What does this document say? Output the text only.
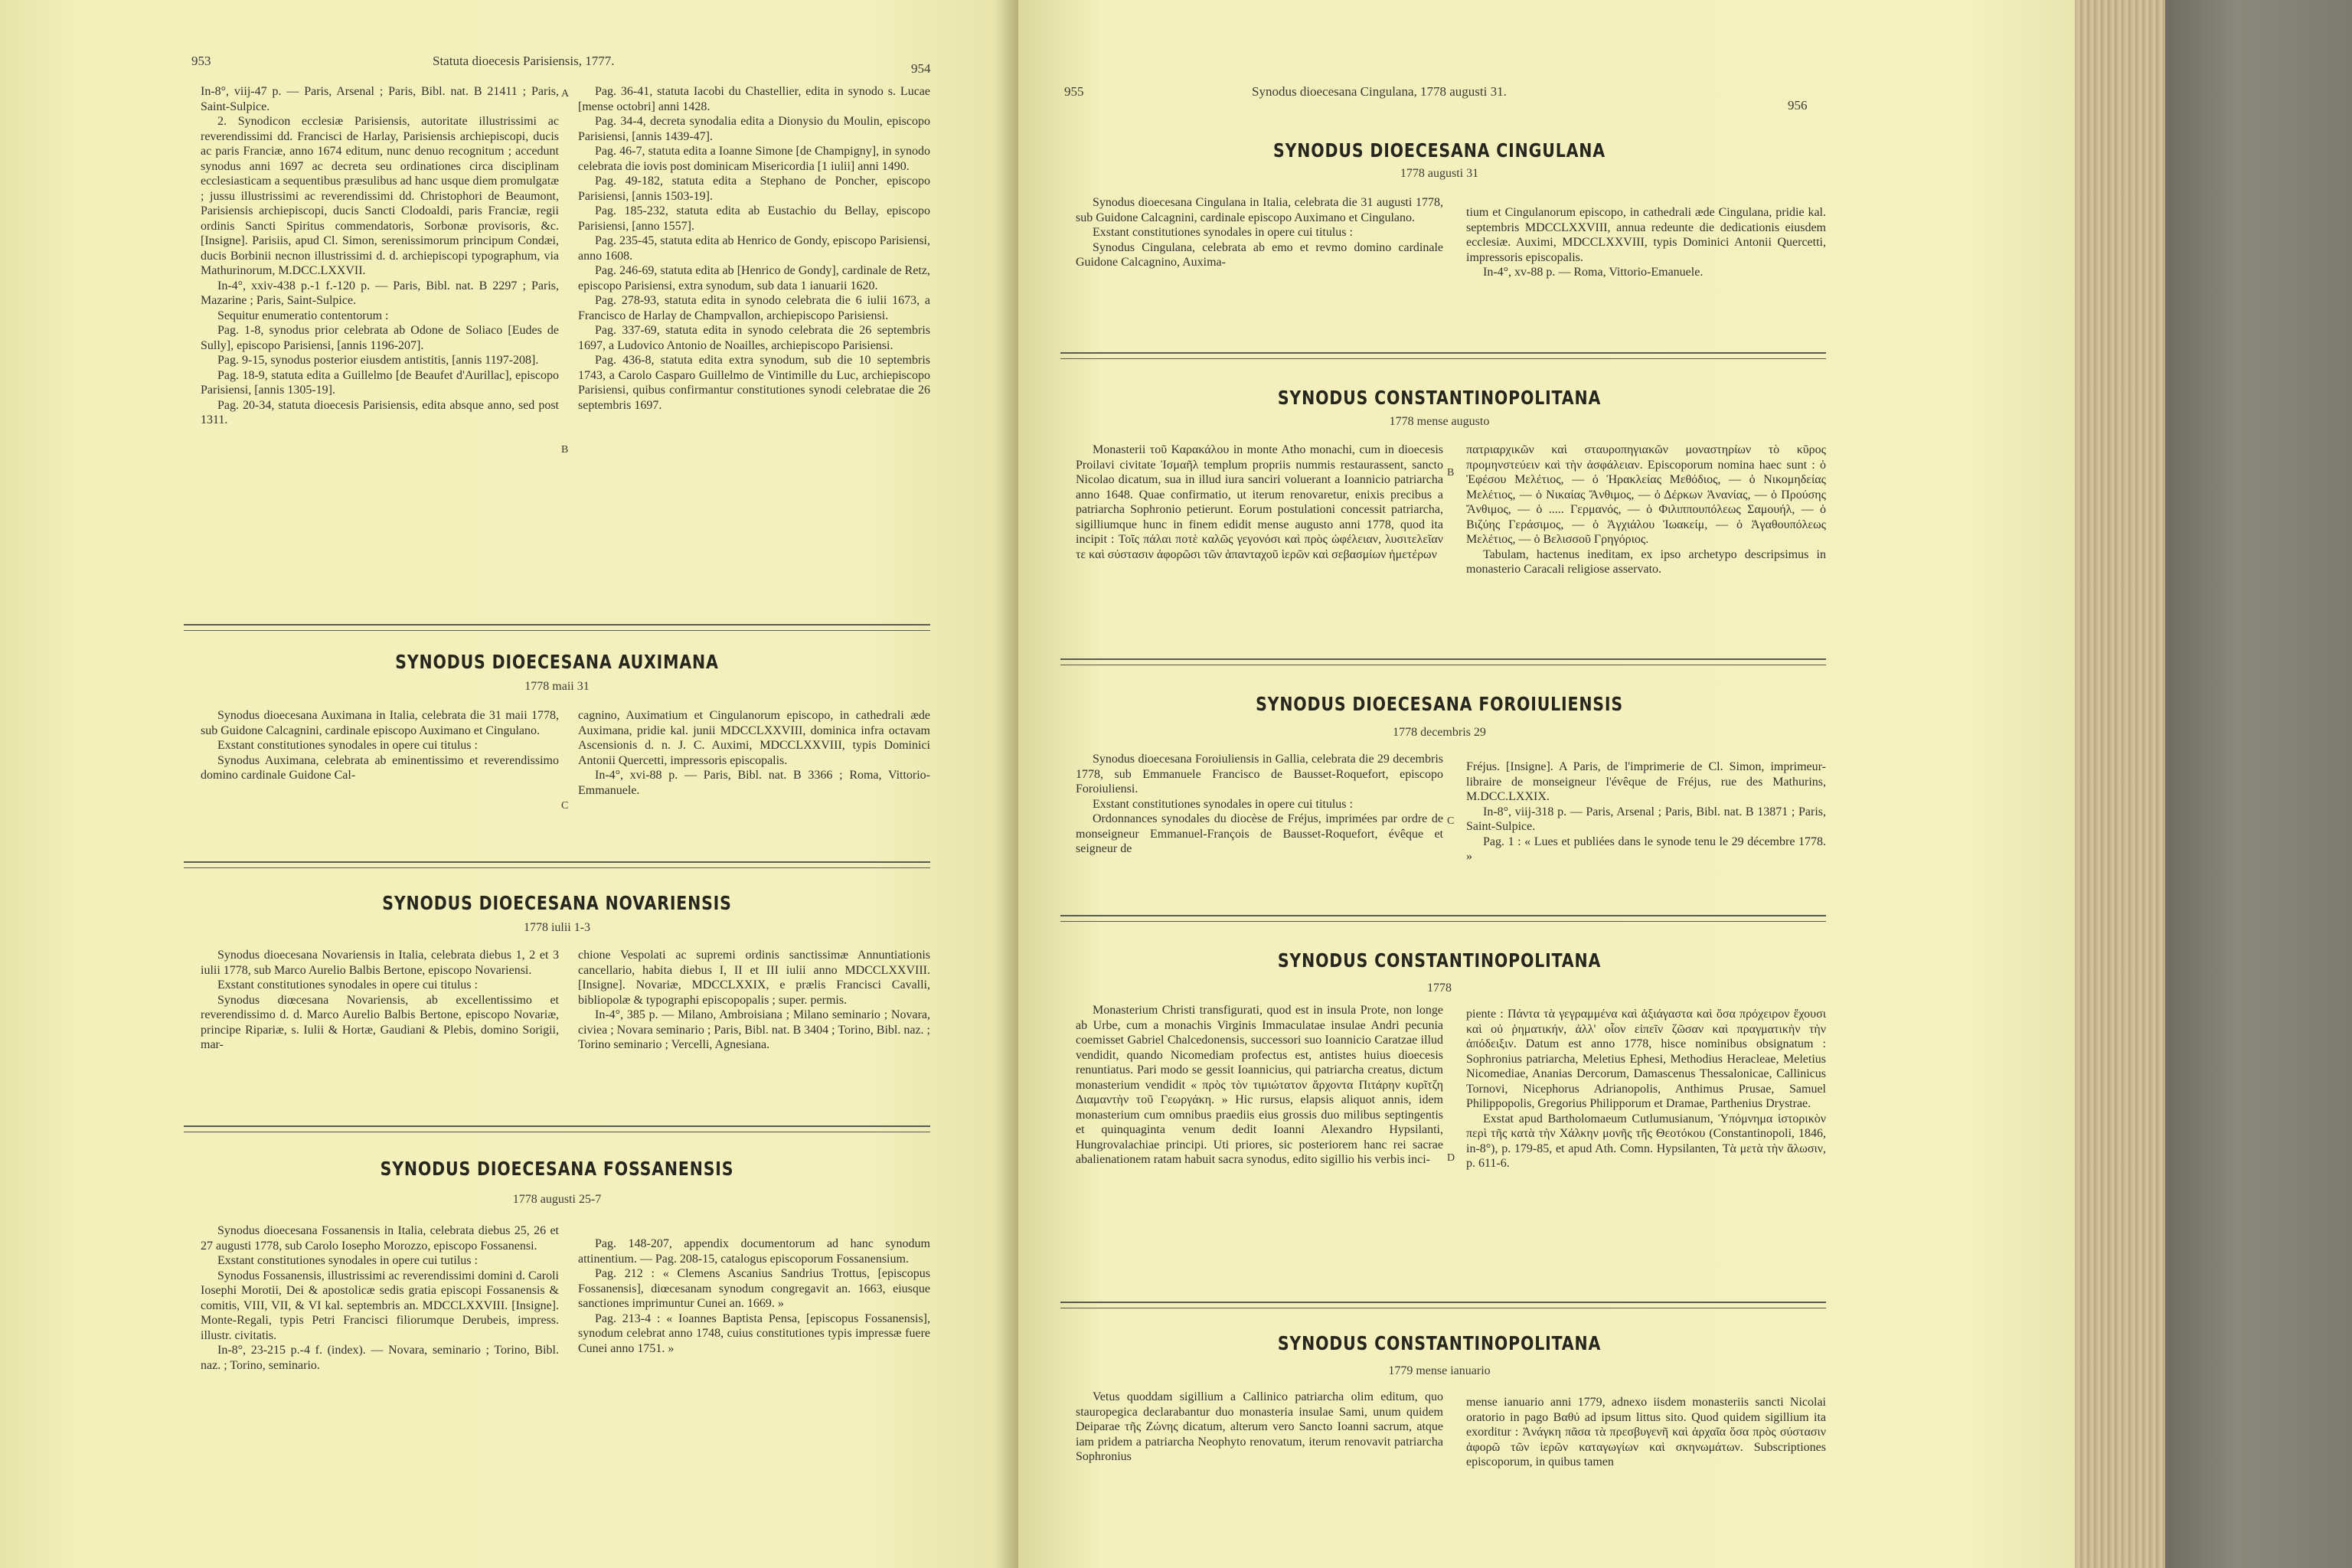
953	Statuta dioecesis Parisiensis, 1777.
954

In-8°, viij-47 p. — Paris, Arsenal ; Paris, Bibl. nat. B 21411 ; Paris, Saint-Sulpice.

2. Synodicon ecclesiæ Parisiensis, autoritate illustrissimi ac reverendissimi dd. Francisci de Harlay, Parisiensis archiepiscopi, ducis ac paris Franciæ, anno 1674 editum, nunc denuo recognitum ; accedunt synodus anni 1697 ac decreta seu ordinationes circa disciplinam ecclesiasticam a sequentibus præsulibus ad hanc usque diem promulgatæ ; jussu illustrissimi ac reverendissimi dd. Christophori de Beaumont, Parisiensis archiepiscopi, ducis Sancti Clodoaldi, paris Franciæ, regii ordinis Sancti Spiritus commendatoris, Sorbonæ provisoris, &c. [Insigne]. Parisiis, apud Cl. Simon, serenissimorum principum Condæi, ducis Borbinii necnon illustrissimi d. d. archiepiscopi typographum, via Mathurinorum, M.DCC.LXXVII.

In-4°, xxiv-438 p.-1 f.-120 p. — Paris, Bibl. nat. B 2297 ; Paris, Mazarine ; Paris, Saint-Sulpice.

Sequitur enumeratio contentorum :

Pag. 1-8, synodus prior celebrata ab Odone de Soliaco [Eudes de Sully], episcopo Parisiensi, [annis 1196-207].

Pag. 9-15, synodus posterior eiusdem antistitis, [annis 1197-208].

Pag. 18-9, statuta edita a Guillelmo [de Beaufet d'Aurillac], episcopo Parisiensi, [annis 1305-19].

Pag. 20-34, statuta dioecesis Parisiensis, edita absque anno, sed post 1311.

A
B

Pag. 36-41, statuta Iacobi du Chastellier, edita in synodo s. Lucae [mense octobri] anni 1428.

Pag. 34-4, decreta synodalia edita a Dionysio du Moulin, episcopo Parisiensi, [annis 1439-47].

Pag. 46-7, statuta edita a Ioanne Simone [de Champigny], in synodo celebrata die iovis post dominicam Misericordia [1 iulii] anni 1490.

Pag. 49-182, statuta edita a Stephano de Poncher, episcopo Parisiensi, [annis 1503-19].

Pag. 185-232, statuta edita ab Eustachio du Bellay, episcopo Parisiensi, [anno 1557].

Pag. 235-45, statuta edita ab Henrico de Gondy, episcopo Parisiensi, anno 1608.

Pag. 246-69, statuta edita ab [Henrico de Gondy], cardinale de Retz, episcopo Parisiensi, extra synodum, sub data 1 ianuarii 1620.

Pag. 278-93, statuta edita in synodo celebrata die 6 iulii 1673, a Francisco de Harlay de Champvallon, archiepiscopo Parisiensi.

Pag. 337-69, statuta edita in synodo celebrata die 26 septembris 1697, a Ludovico Antonio de Noailles, archiepiscopo Parisiensi.

Pag. 436-8, statuta edita extra synodum, sub die 10 septembris 1743, a Carolo Casparo Guillelmo de Vintimille du Luc, archiepiscopo Parisiensi, quibus confirmantur constitutiones synodi celebratae die 26 septembris 1697.

SYNODUS DIOECESANA AUXIMANA
1778 maii 31

Synodus dioecesana Auximana in Italia, celebrata die 31 maii 1778, sub Guidone Calcagnini, cardinale episcopo Auximano et Cingulano.

Exstant constitutiones synodales in opere cui titulus :

Synodus Auximana, celebrata ab eminentissimo et reverendissimo domino cardinale Guidone Cal-

C

cagnino, Auximatium et Cingulanorum episcopo, in cathedrali æde Auximana, pridie kal. junii MDCCLXXVIII, dominica infra octavam Ascensionis d. n. J. C. Auximi, MDCCLXXVIII, typis Dominici Antonii Quercetti, impressoris episcopalis.

In-4°, xvi-88 p. — Paris, Bibl. nat. B 3366 ; Roma, Vittorio-Emmanuele.

SYNODUS DIOECESANA NOVARIENSIS
1778 iulii 1-3

Synodus dioecesana Novariensis in Italia, celebrata diebus 1, 2 et 3 iulii 1778, sub Marco Aurelio Balbis Bertone, episcopo Novariensi.

Exstant constitutiones synodales in opere cui titulus :

Synodus diœcesana Novariensis, ab excellentissimo et reverendissimo d. d. Marco Aurelio Balbis Bertone, episcopo Novariæ, principe Ripariæ, s. Iulii & Hortæ, Gaudiani & Plebis, domino Sorigii, mar-

chione Vespolati ac supremi ordinis sanctissimæ Annuntiationis cancellario, habita diebus I, II et III iulii anno MDCCLXXVIII. [Insigne]. Novariæ, MDCCLXXIX, e prælis Francisci Cavalli, bibliopolæ & typographi episcopopalis ; super. permis.

In-4°, 385 p. — Milano, Ambroisiana ; Milano seminario ; Novara, civiea ; Novara seminario ; Paris, Bibl. nat. B 3404 ; Torino, Bibl. naz. ; Torino seminario ; Vercelli, Agnesiana.

SYNODUS DIOECESANA FOSSANENSIS
1778 augusti 25-7

Synodus dioecesana Fossanensis in Italia, celebrata diebus 25, 26 et 27 augusti 1778, sub Carolo Iosepho Morozzo, episcopo Fossanensi.

Exstant constitutiones synodales in opere cui tutilus :

Synodus Fossanensis, illustrissimi ac reverendissimi domini d. Caroli Iosephi Morotii, Dei & apostolicæ sedis gratia episcopi Fossanensis & comitis, VIII, VII, & VI kal. septembris an. MDCCLXXVIII. [Insigne]. Monte-Regali, typis Petri Francisci filiorumque Derubeis, impress. illustr. civitatis.

In-8°, 23-215 p.-4 f. (index). — Novara, seminario ; Torino, Bibl. naz. ; Torino, seminario.

Pag. 148-207, appendix documentorum ad hanc synodum attinentium. — Pag. 208-15, catalogus episcoporum Fossanensium.

Pag. 212 : « Clemens Ascanius Sandrius Trottus, [episcopus Fossanensis], diœcesanam synodum congregavit an. 1663, eiusque sanctiones imprimuntur Cunei an. 1669. »

Pag. 213-4 : « Ioannes Baptista Pensa, [episcopus Fossanensis], synodum celebrat anno 1748, cuius constitutiones typis impressæ fuere Cunei anno 1751. »

955	Synodus dioecesana Cingulana, 1778 augusti 31.
956
SYNODUS DIOECESANA CINGULANA
1778 augusti 31

Synodus dioecesana Cingulana in Italia, celebrata die 31 augusti 1778, sub Guidone Calcagnini, cardinale episcopo Auximano et Cingulano.

Exstant constitutiones synodales in opere cui titulus :

Synodus Cingulana, celebrata ab emo et revmo domino cardinale Guidone Calcagnino, Auxima-

tium et Cingulanorum episcopo, in cathedrali æde Cingulana, pridie kal. septembris MDCCLXXVIII, annua redeunte die dedicationis eiusdem ecclesiæ. Auximi, MDCCLXXVIII, typis Dominici Antonii Quercetti, impressoris episcopalis.

In-4°, xv-88 p. — Roma, Vittorio-Emanuele.

SYNODUS CONSTANTINOPOLITANA
1778 mense augusto

Monasterii τοῦ Καρακάλου in monte Atho monachi, cum in dioecesis Proilavi civitate Ἰσμαῆλ templum propriis nummis restaurassent, sancto Nicolao dicatum, sua in illud iura sanciri voluerant a Ioannicio patriarcha anno 1648. Quae confirmatio, ut iterum renovaretur, enixis precibus a patriarcha Sophronio petierunt. Eorum postulationi concessit patriarcha, sigilliumque hunc in finem edidit mense augusto anni 1778, quod ita incipit : Τοῖς πάλαι ποτὲ καλῶς γεγονόσι καὶ πρὸς ὠφέλειαν, λυσιτελεῖαν τε καὶ σύστασιν ἀφορῶσι τῶν ἁπανταχοῦ ἱερῶν καὶ σεβασμίων ἡμετέρων

B

πατριαρχικῶν καὶ σταυροπηγιακῶν μοναστηρίων τὸ κῦρος προμηνστεύειν καὶ τὴν ἀσφάλειαν. Episcoporum nomina haec sunt : ὁ Ἐφέσου Μελέτιος, — ὁ Ἡρακλείας Μεθόδιος, — ὁ Νικομηδείας Μελέτιος, — ὁ Νικαίας Ἄνθιμος, — ὁ Δέρκων Ἀνανίας, — ὁ Προύσης Ἄνθιμος, — ὁ ..... Γερμανός, — ὁ Φιλιππουπόλεως Σαμουήλ, — ὁ Βιζύης Γεράσιμος, — ὁ Ἀγχιάλου Ἰωακείμ, — ὁ Ἀγαθουπόλεως Μελέτιος, — ὁ Βελισσοῦ Γρηγόριος.

Tabulam, hactenus ineditam, ex ipso archetypo descripsimus in monasterio Caracali religiose asservato.

SYNODUS DIOECESANA FOROIULIENSIS
1778 decembris 29

Synodus dioecesana Foroiuliensis in Gallia, celebrata die 29 decembris 1778, sub Emmanuele Francisco de Bausset-Roquefort, episcopo Foroiuliensi.

Exstant constitutiones synodales in opere cui titulus :

Ordonnances synodales du diocèse de Fréjus, imprimées par ordre de monseigneur Emmanuel-François de Bausset-Roquefort, évêque et seigneur de

C

Fréjus. [Insigne]. A Paris, de l'imprimerie de Cl. Simon, imprimeur-libraire de monseigneur l'évêque de Fréjus, rue des Mathurins, M.DCC.LXXIX.

In-8°, viij-318 p. — Paris, Arsenal ; Paris, Bibl. nat. B 13871 ; Paris, Saint-Sulpice.

Pag. 1 : « Lues et publiées dans le synode tenu le 29 décembre 1778. »

SYNODUS CONSTANTINOPOLITANA
1778

Monasterium Christi transfigurati, quod est in insula Prote, non longe ab Urbe, cum a monachis Virginis Immaculatae insulae Andri pecunia coemisset Gabriel Chalcedonensis, successori suo Ioannicio Caratzae illud vendidit, quando Nicomediam profectus est, antistes huius dioecesis renuntiatus. Pari modo se gessit Ioannicius, qui patriarcha creatus, dictum monasterium vendidit « πρὸς τὸν τιμιώτατον ἄρχοντα Πιτάρην κυρῖτζη Διαμαντὴν τοῦ Γεωργάκη. » Hic rursus, elapsis aliquot annis, idem monasterium cum omnibus praediis eius grossis duo milibus septingentis et quinquaginta venum dedit Ioanni Alexandro Hypsilanti, Hungrovalachiae principi. Uti priores, sic posteriorem hanc rei sacrae abalienationem ratam habuit sacra synodus, edito sigillio his verbis inci-	D

piente : Πάντα τὰ γεγραμμένα καὶ ἀξιάγαστα καὶ ὅσα πρόχειρον ἔχουσι καὶ οὐ ῥηματικήν, ἀλλ' οἷον εἰπεῖν ζῶσαν καὶ πραγματικὴν τὴν ἀπόδειξιν. Datum est anno 1778, hisce nominibus obsignatum : Sophronius patriarcha, Meletius Ephesi, Methodius Heracleae, Meletius Nicomediae, Ananias Dercorum, Damascenus Thessalonicae, Callinicus Tornovi, Nicephorus Adrianopolis, Anthimus Prusae, Samuel Philippopolis, Gregorius Philipporum et Dramae, Parthenius Drystrae.

Exstat apud Bartholomaeum Cutlumusianum, Ὑπόμνημα ἱστορικὸν περὶ τῆς κατὰ τὴν Χάλκην μονῆς τῆς Θεοτόκου (Constantinopoli, 1846, in-8°), p. 179-85, et apud Ath. Comn. Hypsilanten, Τὰ μετὰ τὴν ἅλωσιν, p. 611-6.

SYNODUS CONSTANTINOPOLITANA
1779 mense ianuario

Vetus quoddam sigillium a Callinico patriarcha olim editum, quo stauropegica declarabantur duo monasteria insulae Sami, unum quidem Deiparae τῆς Ζώνης dicatum, alterum vero Sancto Ioanni sacrum, atque iam pridem a patriarcha Neophyto renovatum, iterum renovavit patriarcha Sophronius

mense ianuario anni 1779, adnexo iisdem monasteriis sancti Nicolai oratorio in pago Βαθύ ad ipsum littus sito. Quod quidem sigillium ita exorditur : Ἀνάγκη πᾶσα τὰ πρεσβυγενῆ καὶ ἀρχαῖα ὅσα πρὸς σύστασιν ἀφορῶ τῶν ἱερῶν καταγωγίων καὶ σκηνωμάτων. Subscriptiones episcoporum, in quibus tamen
